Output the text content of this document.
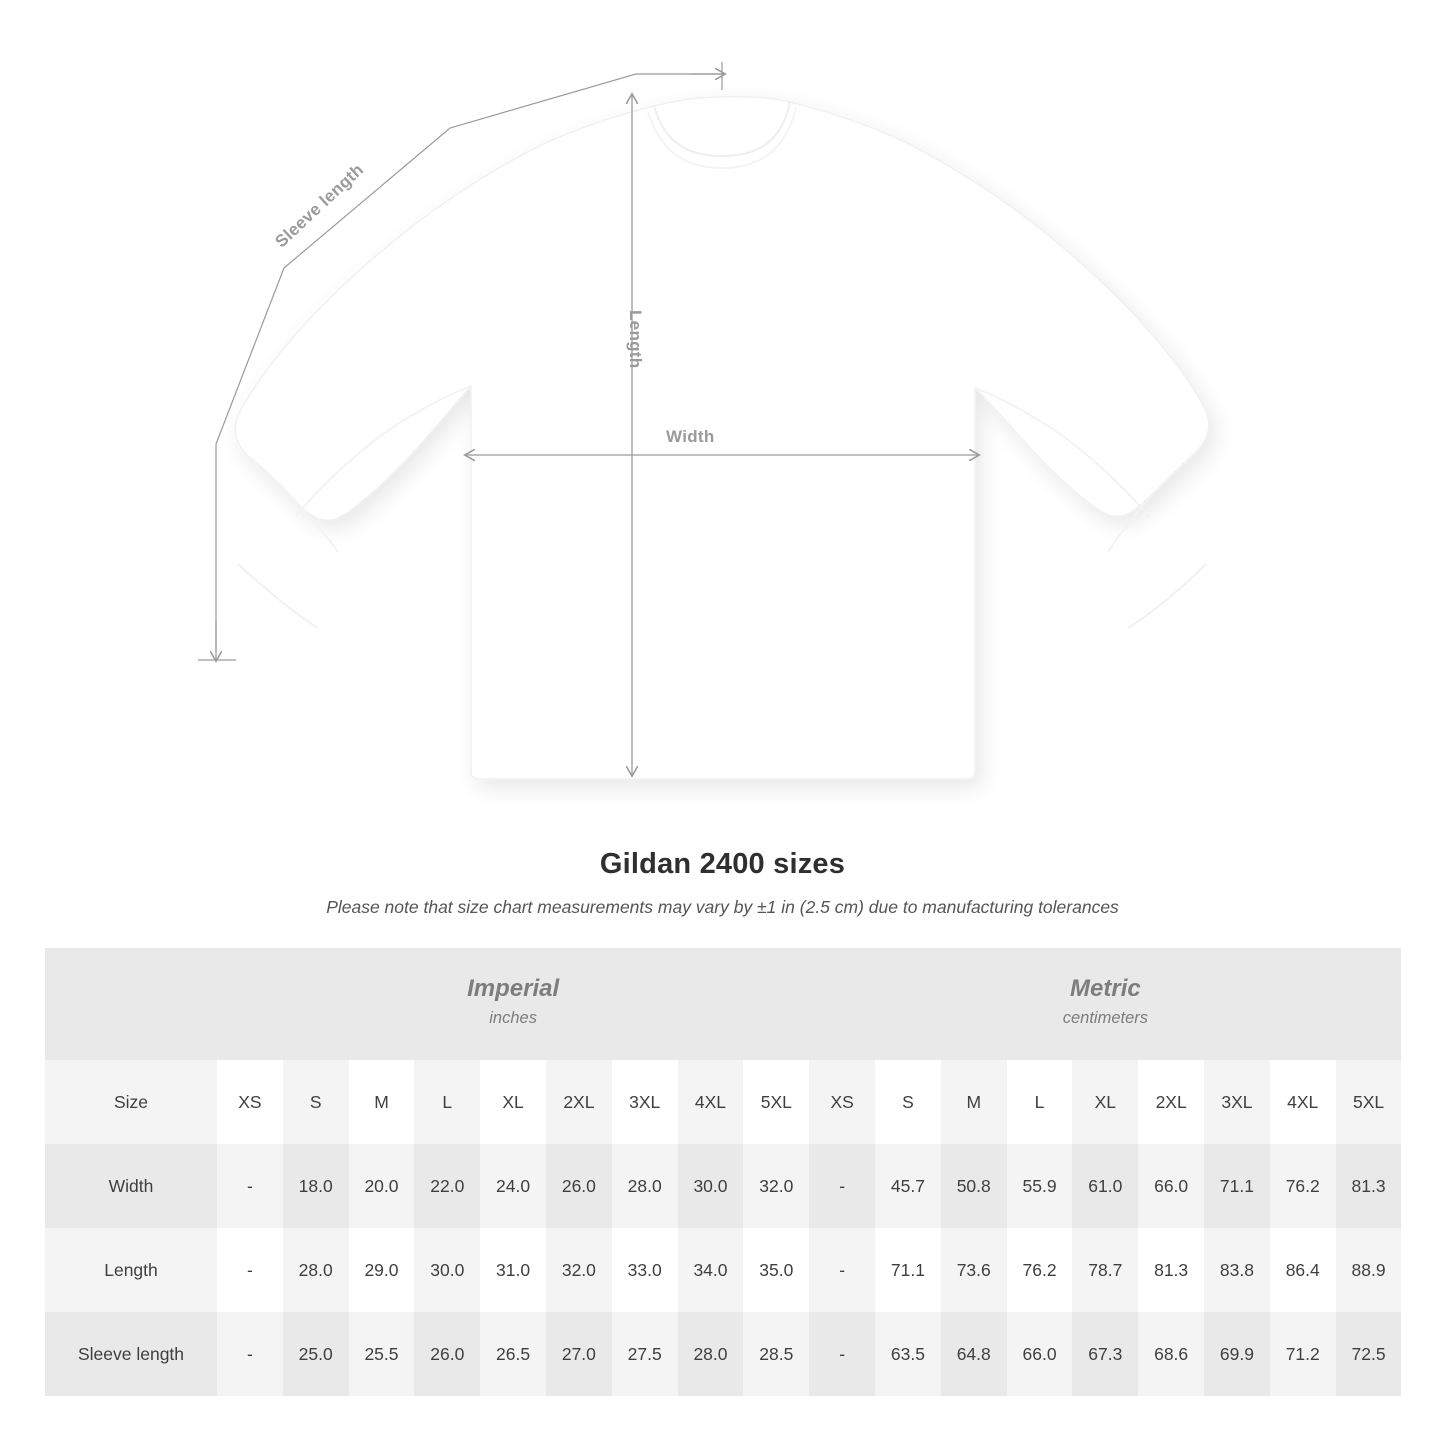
Width
Length
Sleeve length
Gildan 2400 sizes
Please note that size chart measurements may vary by ±1 in (2.5 cm) due to manufacturing tolerances

Imperial
inches

Metric
centimeters

Size	XS	S	M	L	XL	2XL	3XL	4XL	5XL	XS	S	M	L	XL	2XL	3XL	4XL	5XL
Width	-	18.0	20.0	22.0	24.0	26.0	28.0	30.0	32.0	-	45.7	50.8	55.9	61.0	66.0	71.1	76.2	81.3
Length	-	28.0	29.0	30.0	31.0	32.0	33.0	34.0	35.0	-	71.1	73.6	76.2	78.7	81.3	83.8	86.4	88.9
Sleeve length	-	25.0	25.5	26.0	26.5	27.0	27.5	28.0	28.5	-	63.5	64.8	66.0	67.3	68.6	69.9	71.2	72.5
